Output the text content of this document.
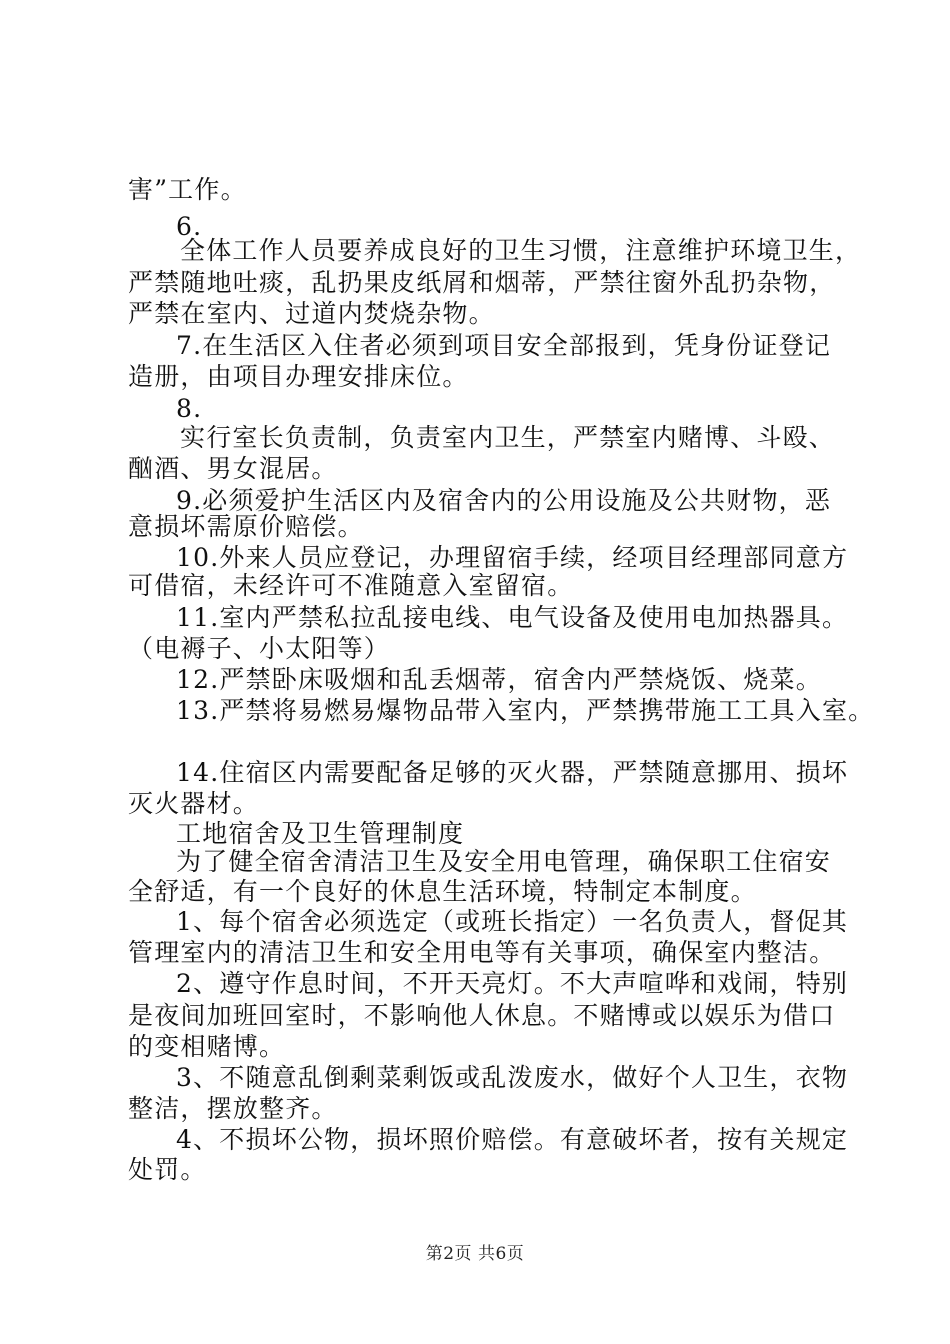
害”工作。
6.
全体工作人员要养成良好的卫生习惯，注意维护环境卫生，
严禁随地吐痰，乱扔果皮纸屑和烟蒂，严禁往窗外乱扔杂物，
严禁在室内、过道内焚烧杂物。
7.在生活区入住者必须到项目安全部报到，凭身份证登记
造册，由项目办理安排床位。
8.
实行室长负责制，负责室内卫生，严禁室内赌博、斗殴、
酗酒、男女混居。
9.必须爱护生活区内及宿舍内的公用设施及公共财物，恶
意损坏需原价赔偿。
10.外来人员应登记，办理留宿手续，经项目经理部同意方
可借宿，未经许可不准随意入室留宿。
11.室内严禁私拉乱接电线、电气设备及使用电加热器具。
（电褥子、小太阳等）
12.严禁卧床吸烟和乱丢烟蒂，宿舍内严禁烧饭、烧菜。
13.严禁将易燃易爆物品带入室内，严禁携带施工工具入室。
14.住宿区内需要配备足够的灭火器，严禁随意挪用、损坏
灭火器材。
工地宿舍及卫生管理制度
为了健全宿舍清洁卫生及安全用电管理，确保职工住宿安
全舒适，有一个良好的休息生活环境，特制定本制度。
1、每个宿舍必须选定（或班长指定）一名负责人，督促其
管理室内的清洁卫生和安全用电等有关事项，确保室内整洁。
2、遵守作息时间，不开天亮灯。不大声喧哗和戏闹，特别
是夜间加班回室时，不影响他人休息。不赌博或以娱乐为借口
的变相赌博。
3、不随意乱倒剩菜剩饭或乱泼废水，做好个人卫生，衣物
整洁，摆放整齐。
4、不损坏公物，损坏照价赔偿。有意破坏者，按有关规定
处罚。
第2页 共6页
